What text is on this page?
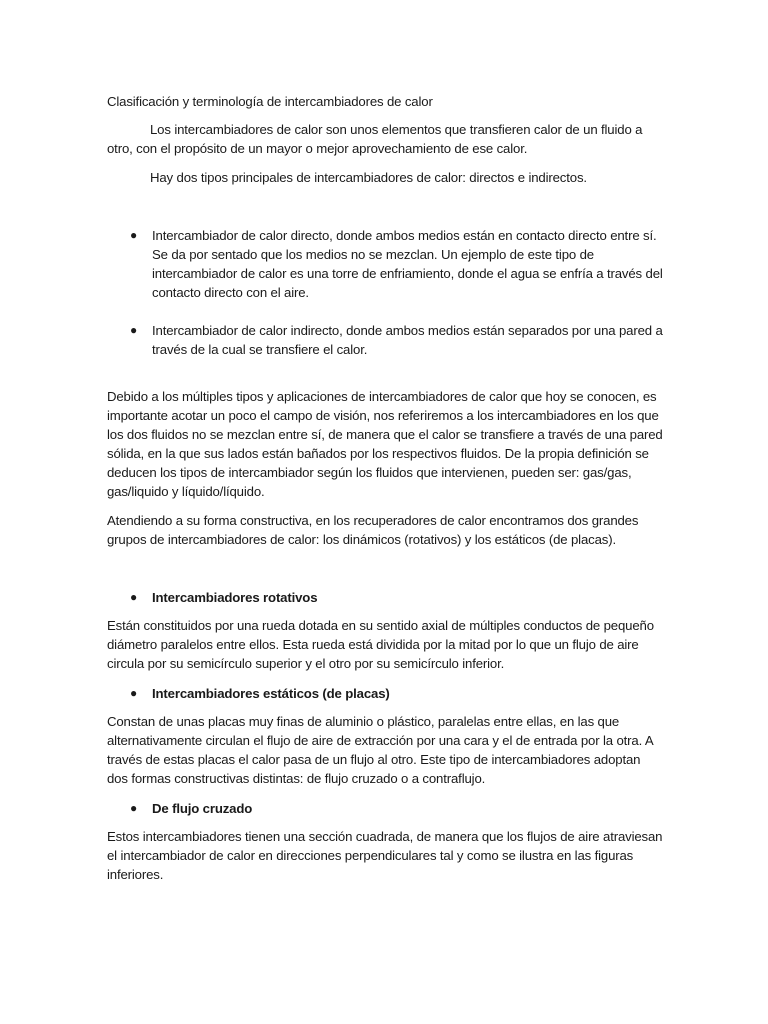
Clasificación y terminología de intercambiadores de calor

Los intercambiadores de calor son unos elementos que transfieren calor de un fluido a otro, con el propósito de un mayor o mejor aprovechamiento de ese calor.

Hay dos tipos principales de intercambiadores de calor: directos e indirectos.

● Intercambiador de calor directo, donde ambos medios están en contacto directo entre sí. Se da por sentado que los medios no se mezclan. Un ejemplo de este tipo de intercambiador de calor es una torre de enfriamiento, donde el agua se enfría a través del contacto directo con el aire.
● Intercambiador de calor indirecto, donde ambos medios están separados por una pared a través de la cual se transfiere el calor.

Debido a los múltiples tipos y aplicaciones de intercambiadores de calor que hoy se conocen, es importante acotar un poco el campo de visión, nos referiremos a los intercambiadores en los que los dos fluidos no se mezclan entre sí, de manera que el calor se transfiere a través de una pared sólida, en la que sus lados están bañados por los respectivos fluidos. De la propia definición se deducen los tipos de intercambiador según los fluidos que intervienen, pueden ser: gas/gas, gas/liquido y líquido/líquido.

Atendiendo a su forma constructiva, en los recuperadores de calor encontramos dos grandes grupos de intercambiadores de calor: los dinámicos (rotativos) y los estáticos (de placas).

● Intercambiadores rotativos

Están constituidos por una rueda dotada en su sentido axial de múltiples conductos de pequeño diámetro paralelos entre ellos. Esta rueda está dividida por la mitad por lo que un flujo de aire circula por su semicírculo superior y el otro por su semicírculo inferior.

● Intercambiadores estáticos (de placas)

Constan de unas placas muy finas de aluminio o plástico, paralelas entre ellas, en las que alternativamente circulan el flujo de aire de extracción por una cara y el de entrada por la otra. A través de estas placas el calor pasa de un flujo al otro. Este tipo de intercambiadores adoptan dos formas constructivas distintas: de flujo cruzado o a contraflujo.

● De flujo cruzado

Estos intercambiadores tienen una sección cuadrada, de manera que los flujos de aire atraviesan el intercambiador de calor en direcciones perpendiculares tal y como se ilustra en las figuras inferiores.
